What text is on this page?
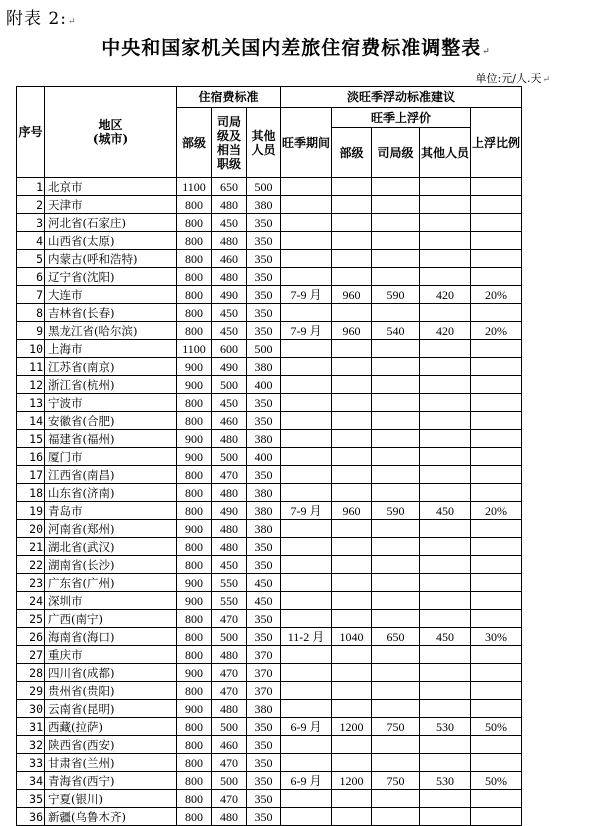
附表 2:↵
中央和国家机关国内差旅住宿费标准调整表↵
单位:元/人.天↵
序号	地区
(城市)	住宿费标准			淡旺季浮动标准建议				
		部级	司局级及相当职级	其他人员	旺季期间	旺季上浮价			上浮比例
						部级	司局级	其他人员	
1	北京市	1100	650	500					
2	天津市	800	480	380					
3	河北省(石家庄)	800	450	350					
4	山西省(太原)	800	480	350					
5	内蒙古(呼和浩特)	800	460	350					
6	辽宁省(沈阳)	800	480	350					
7	大连市	800	490	350	7-9 月	960	590	420	20%
8	吉林省(长春)	800	450	350					
9	黑龙江省(哈尔滨)	800	450	350	7-9 月	960	540	420	20%
10	上海市	1100	600	500					
11	江苏省(南京)	900	490	380					
12	浙江省(杭州)	900	500	400					
13	宁波市	800	450	350					
14	安徽省(合肥)	800	460	350					
15	福建省(福州)	900	480	380					
16	厦门市	900	500	400					
17	江西省(南昌)	800	470	350					
18	山东省(济南)	800	480	380					
19	青岛市	800	490	380	7-9 月	960	590	450	20%
20	河南省(郑州)	900	480	380					
21	湖北省(武汉)	800	480	350					
22	湖南省(长沙)	800	450	350					
23	广东省(广州)	900	550	450					
24	深圳市	900	550	450					
25	广西(南宁)	800	470	350					
26	海南省(海口)	800	500	350	11-2 月	1040	650	450	30%
27	重庆市	800	480	370					
28	四川省(成都)	900	470	370					
29	贵州省(贵阳)	800	470	370					
30	云南省(昆明)	900	480	380					
31	西藏(拉萨)	800	500	350	6-9 月	1200	750	530	50%
32	陕西省(西安)	800	460	350					
33	甘肃省(兰州)	800	470	350					
34	青海省(西宁)	800	500	350	6-9 月	1200	750	530	50%
35	宁夏(银川)	800	470	350					
36	新疆(乌鲁木齐)	800	480	350					
